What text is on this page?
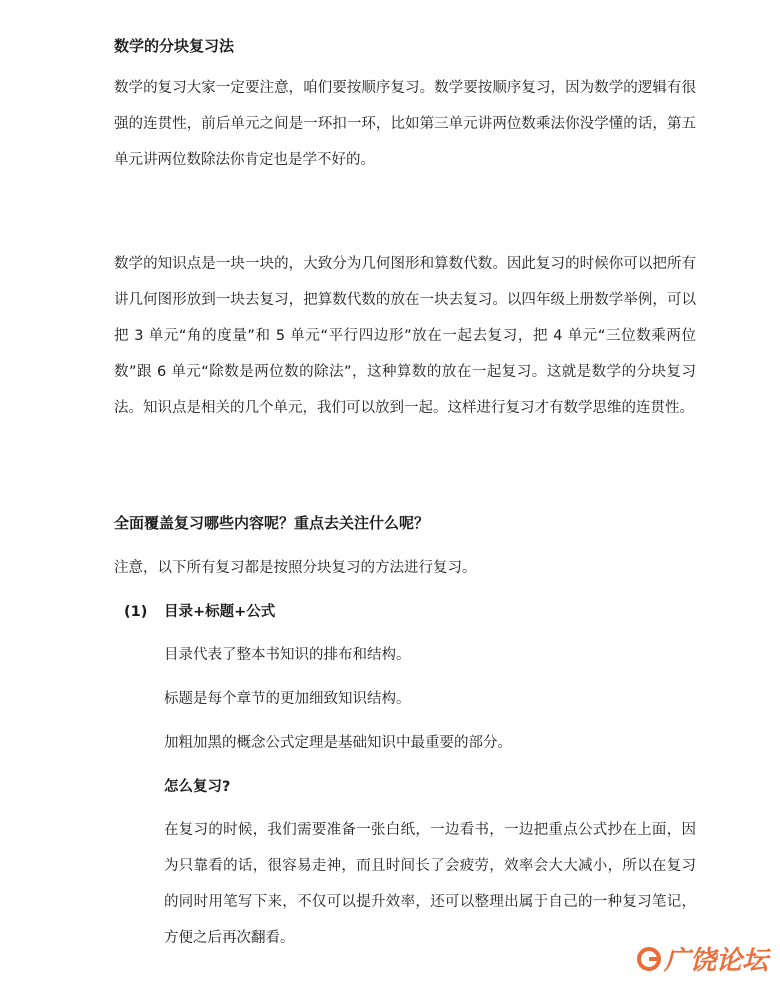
数学的分块复习法

数学的复习大家一定要注意，咱们要按顺序复习。数学要按顺序复习，因为数学的逻辑有很强的连贯性，前后单元之间是一环扣一环，比如第三单元讲两位数乘法你没学懂的话，第五单元讲两位数除法你肯定也是学不好的。

数学的知识点是一块一块的，大致分为几何图形和算数代数。因此复习的时候你可以把所有讲几何图形放到一块去复习，把算数代数的放在一块去复习。以四年级上册数学举例，可以把 3 单元“角的度量”和 5 单元“平行四边形”放在一起去复习，把 4 单元“三位数乘两位数”跟 6 单元“除数是两位数的除法”，这种算数的放在一起复习。这就是数学的分块复习法。知识点是相关的几个单元，我们可以放到一起。这样进行复习才有数学思维的连贯性。

全面覆盖复习哪些内容呢？重点去关注什么呢？
注意，以下所有复习都是按照分块复习的方法进行复习。
(1) 目录+标题+公式
目录代表了整本书知识的排布和结构。
标题是每个章节的更加细致知识结构。
加粗加黑的概念公式定理是基础知识中最重要的部分。
怎么复习?

在复习的时候，我们需要准备一张白纸，一边看书，一边把重点公式抄在上面，因为只靠看的话，很容易走神，而且时间长了会疲劳，效率会大大减小，所以在复习的同时用笔写下来，不仅可以提升效率，还可以整理出属于自己的一种复习笔记，方便之后再次翻看。

广饶论坛
